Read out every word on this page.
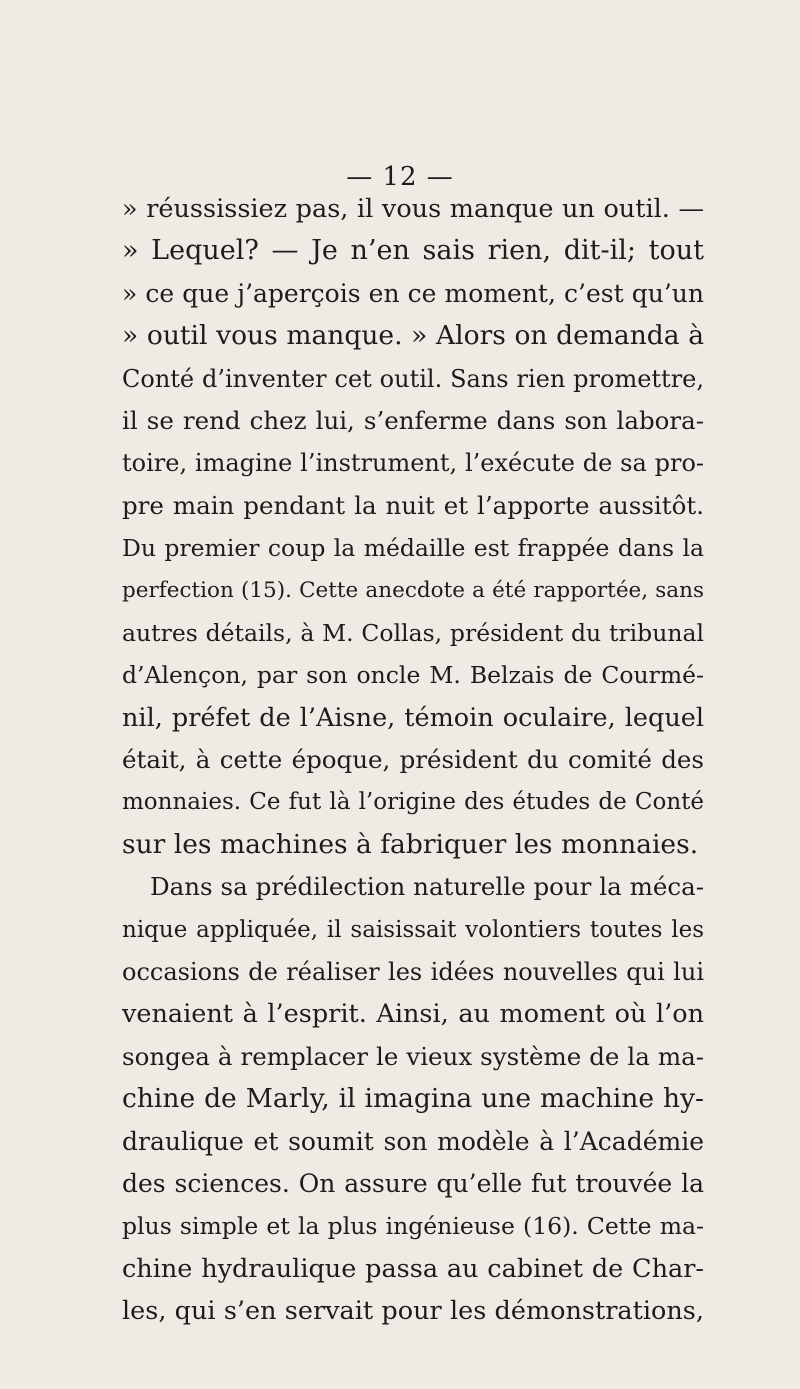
— 12 —
» réussissiez pas, il vous manque un outil. —
» Lequel? — Je n’en sais rien, dit-il; tout
» ce que j’aperçois en ce moment, c’est qu’un
» outil vous manque. » Alors on demanda à
Conté d’inventer cet outil. Sans rien promettre,
il se rend chez lui, s’enferme dans son labora-
toire, imagine l’instrument, l’exécute de sa pro-
pre main pendant la nuit et l’apporte aussitôt.
Du premier coup la médaille est frappée dans la
perfection (15). Cette anecdote a été rapportée, sans
autres détails, à M. Collas, président du tribunal
d’Alençon, par son oncle M. Belzais de Courmé-
nil, préfet de l’Aisne, témoin oculaire, lequel
était, à cette époque, président du comité des
monnaies. Ce fut là l’origine des études de Conté
sur les machines à fabriquer les monnaies.
Dans sa prédilection naturelle pour la méca-
nique appliquée, il saisissait volontiers toutes les
occasions de réaliser les idées nouvelles qui lui
venaient à l’esprit. Ainsi, au moment où l’on
songea à remplacer le vieux système de la ma-
chine de Marly, il imagina une machine hy-
draulique et soumit son modèle à l’Académie
des sciences. On assure qu’elle fut trouvée la
plus simple et la plus ingénieuse (16). Cette ma-
chine hydraulique passa au cabinet de Char-
les, qui s’en servait pour les démonstrations,
